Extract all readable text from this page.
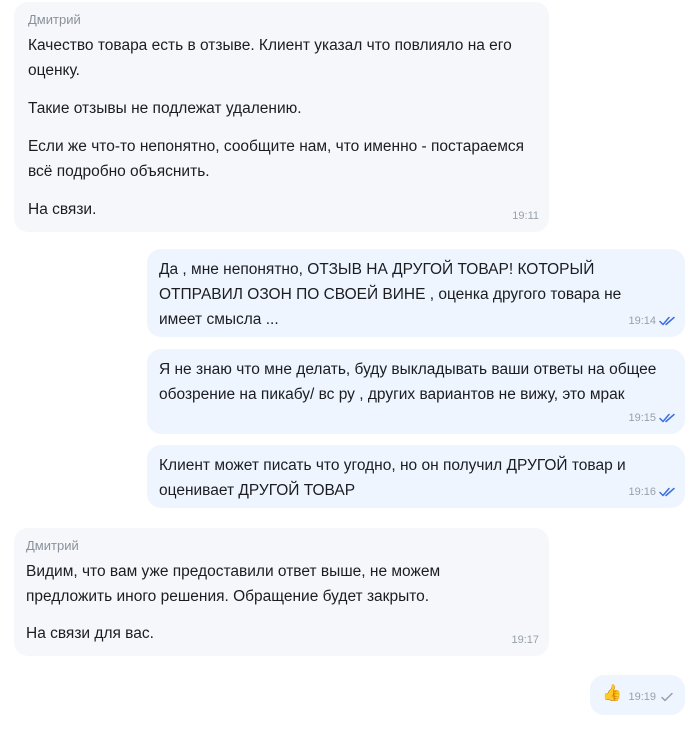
Дмитрий

Качество товара есть в отзыве. Клиент указал что повлияло на его оценку.

Такие отзывы не подлежат удалению.

Если же что-то непонятно, сообщите нам, что именно - постараемся всё подробно объяснить.

На связи.	19:11

Да , мне непонятно, ОТЗЫВ НА ДРУГОЙ ТОВАР! КОТОРЫЙ ОТПРАВИЛ ОЗОН ПО СВОЕЙ ВИНЕ , оценка другого товара не имеет смысла ...	19:14

Я не знаю что мне делать, буду выкладывать ваши ответы на общее обозрение на пикабу/ вс ру , других вариантов не вижу, это мрак

19:15

Клиент может писать что угодно, но он получил ДРУГОЙ товар и оценивает ДРУГОЙ ТОВАР	19:16
Дмитрий

Видим, что вам уже предоставили ответ выше, не можем предложить иного решения. Обращение будет закрыто.

На связи для вас.	19:17
👍 19:19
